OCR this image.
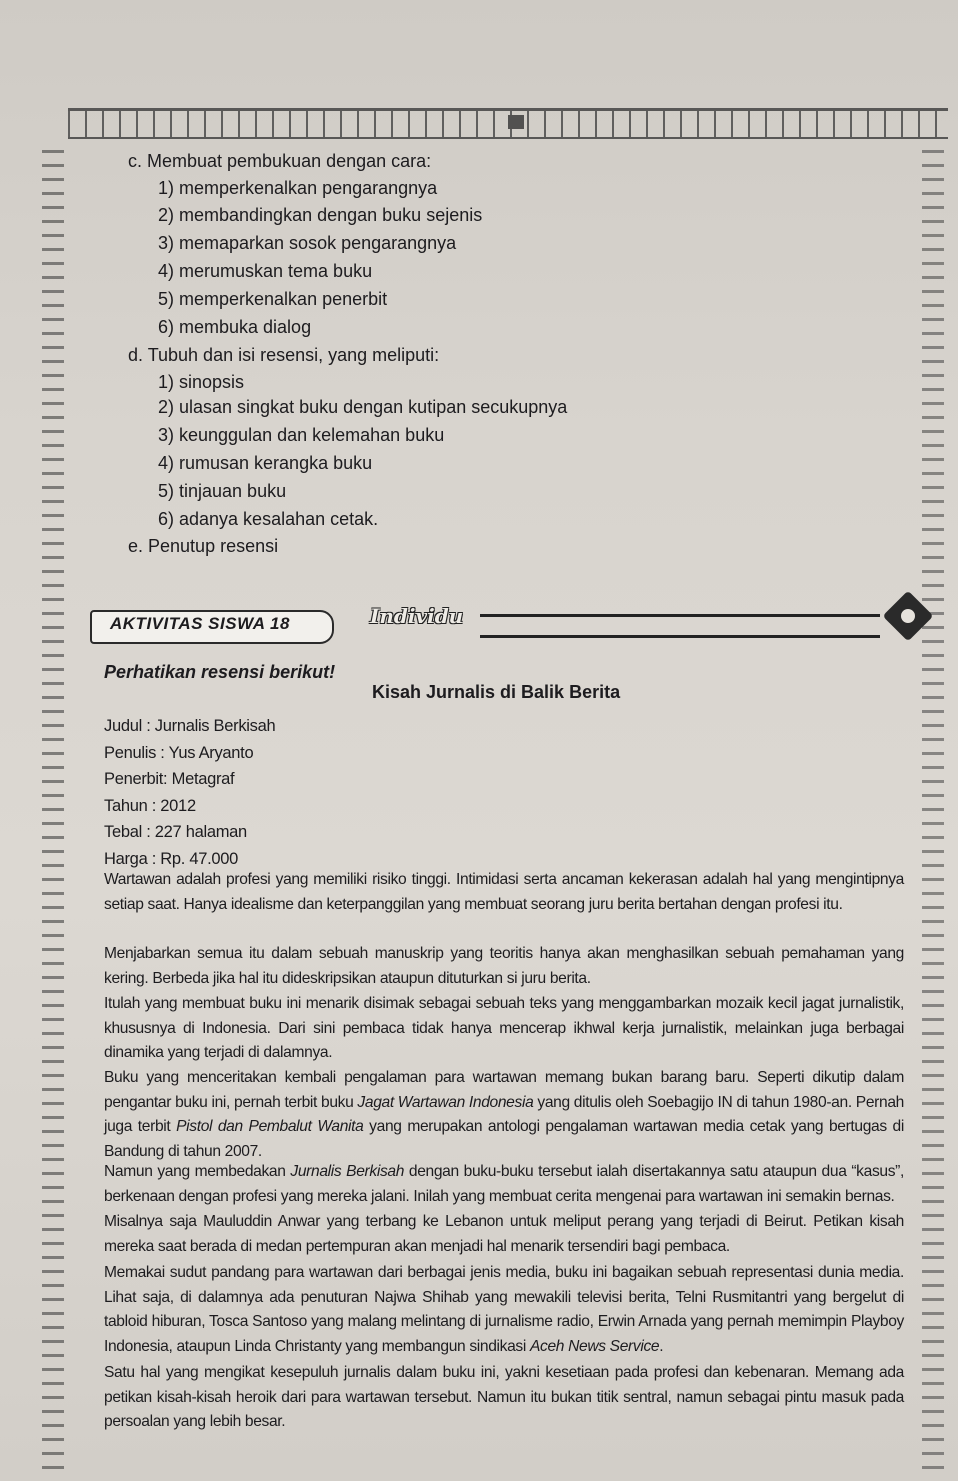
c. Membuat pembukuan dengan cara:
1) memperkenalkan pengarangnya
2) membandingkan dengan buku sejenis
3) memaparkan sosok pengarangnya
4) merumuskan tema buku
5) memperkenalkan penerbit
6) membuka dialog
d. Tubuh dan isi resensi, yang meliputi:
1) sinopsis
2) ulasan singkat buku dengan kutipan secukupnya
3) keunggulan dan kelemahan buku
4) rumusan kerangka buku
5) tinjauan buku
6) adanya kesalahan cetak.
e. Penutup resensi
AKTIVITAS SISWA 18	Individu
Perhatikan resensi berikut!
Kisah Jurnalis di Balik Berita
Judul : Jurnalis Berkisah
Penulis : Yus Aryanto
Penerbit: Metagraf
Tahun : 2012
Tebal : 227 halaman
Harga : Rp. 47.000

Wartawan adalah profesi yang memiliki risiko tinggi. Intimidasi serta ancaman kekerasan adalah hal yang mengintipnya setiap saat. Hanya idealisme dan keterpanggilan yang membuat seorang juru berita bertahan dengan profesi itu.

Menjabarkan semua itu dalam sebuah manuskrip yang teoritis hanya akan menghasilkan sebuah pemahaman yang kering. Berbeda jika hal itu dideskripsikan ataupun dituturkan si juru berita.

Itulah yang membuat buku ini menarik disimak sebagai sebuah teks yang menggambarkan mozaik kecil jagat jurnalistik, khususnya di Indonesia. Dari sini pembaca tidak hanya mencerap ikhwal kerja jurnalistik, melainkan juga berbagai dinamika yang terjadi di dalamnya.

Buku yang menceritakan kembali pengalaman para wartawan memang bukan barang baru. Seperti dikutip dalam pengantar buku ini, pernah terbit buku Jagat Wartawan Indonesia yang ditulis oleh Soebagijo IN di tahun 1980-an. Pernah juga terbit Pistol dan Pembalut Wanita yang merupakan antologi pengalaman wartawan media cetak yang bertugas di Bandung di tahun 2007.

Namun yang membedakan Jurnalis Berkisah dengan buku-buku tersebut ialah disertakannya satu ataupun dua “kasus”, berkenaan dengan profesi yang mereka jalani. Inilah yang membuat cerita mengenai para wartawan ini semakin bernas.

Misalnya saja Mauluddin Anwar yang terbang ke Lebanon untuk meliput perang yang terjadi di Beirut. Petikan kisah mereka saat berada di medan pertempuran akan menjadi hal menarik tersendiri bagi pembaca.

Memakai sudut pandang para wartawan dari berbagai jenis media, buku ini bagaikan sebuah representasi dunia media. Lihat saja, di dalamnya ada penuturan Najwa Shihab yang mewakili televisi berita, Telni Rusmitantri yang bergelut di tabloid hiburan, Tosca Santoso yang malang melintang di jurnalisme radio, Erwin Arnada yang pernah memimpin Playboy Indonesia, ataupun Linda Christanty yang membangun sindikasi Aceh News Service.

Satu hal yang mengikat kesepuluh jurnalis dalam buku ini, yakni kesetiaan pada profesi dan kebenaran. Memang ada petikan kisah-kisah heroik dari para wartawan tersebut. Namun itu bukan titik sentral, namun sebagai pintu masuk pada persoalan yang lebih besar.
